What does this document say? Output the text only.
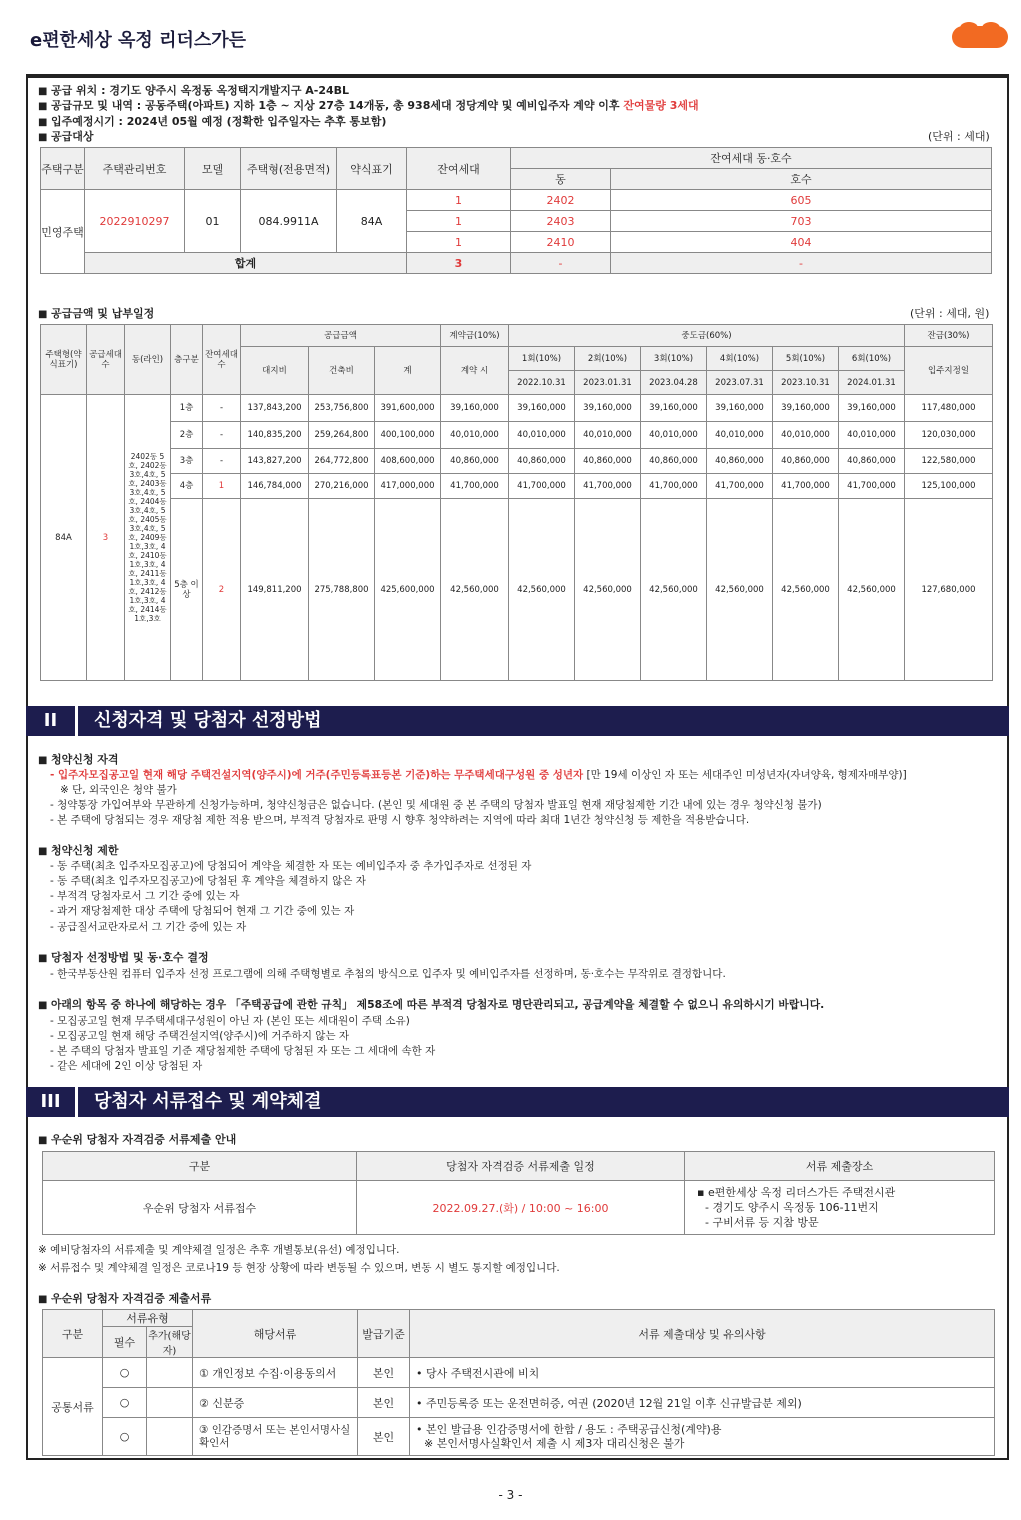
e편한세상 옥정 리더스가든
■ 공급 위치 : 경기도 양주시 옥정동 옥정택지개발지구 A-24BL
■ 공급규모 및 내역 : 공동주택(아파트) 지하 1층 ~ 지상 27층 14개동, 총 938세대 정당계약 및 예비입주자 계약 이후 잔여물량 3세대
■ 입주예정시기 : 2024년 05월 예정 (정확한 입주일자는 추후 통보함)
■ 공급대상	(단위 : 세대)
주택구분	주택관리번호	모델	주택형(전용면적)	약식표기	잔여세대	잔여세대 동·호수	
						동	호수
민영주택	2022910297	01	084.9911A	84A	1	2402	605
					1	2403	703
					1	2410	404
	합계				3	-	-
■ 공급금액 및 납부일정	(단위 : 세대, 원)
주택형(약식표기)	공급세대수	동(라인)	층구분	잔여세대수	공급금액			계약금(10%)	중도금(60%)						잔금(30%)
					대지비	건축비	계	계약 시	1회(10%)	2회(10%)	3회(10%)	4회(10%)	5회(10%)	6회(10%)	입주지정일
									2022.10.31	2023.01.31	2023.04.28	2023.07.31	2023.10.31	2024.01.31	
84A	3	2402동 5호, 2402동 3호,4호, 5호, 2403동 3호,4호, 5호, 2404동 3호,4호, 5호, 2405동 3호,4호, 5호, 2409동 1호,3호, 4호, 2410동 1호,3호, 4호, 2411동 1호,3호, 4호, 2412동 1호,3호, 4호, 2414동 1호,3호	1층	-	137,843,200	253,756,800	391,600,000	39,160,000	39,160,000	39,160,000	39,160,000	39,160,000	39,160,000	39,160,000	117,480,000
			2층	-	140,835,200	259,264,800	400,100,000	40,010,000	40,010,000	40,010,000	40,010,000	40,010,000	40,010,000	40,010,000	120,030,000
			3층	-	143,827,200	264,772,800	408,600,000	40,860,000	40,860,000	40,860,000	40,860,000	40,860,000	40,860,000	40,860,000	122,580,000
			4층	1	146,784,000	270,216,000	417,000,000	41,700,000	41,700,000	41,700,000	41,700,000	41,700,000	41,700,000	41,700,000	125,100,000
			5층 이상	2	149,811,200	275,788,800	425,600,000	42,560,000	42,560,000	42,560,000	42,560,000	42,560,000	42,560,000	42,560,000	127,680,000
II 신청자격 및 당첨자 선정방법
■ 청약신청 자격
- 입주자모집공고일 현재 해당 주택건설지역(양주시)에 거주(주민등록표등본 기준)하는 무주택세대구성원 중 성년자 [만 19세 이상인 자 또는 세대주인 미성년자(자녀양육, 형제자매부양)]
※ 단, 외국인은 청약 불가
- 청약통장 가입여부와 무관하게 신청가능하며, 청약신청금은 없습니다. (본인 및 세대원 중 본 주택의 당첨자 발표일 현재 재당첨제한 기간 내에 있는 경우 청약신청 불가)
- 본 주택에 당첨되는 경우 재당첨 제한 적용 받으며, 부적격 당첨자로 판명 시 향후 청약하려는 지역에 따라 최대 1년간 청약신청 등 제한을 적용받습니다.
■ 청약신청 제한
- 동 주택(최초 입주자모집공고)에 당첨되어 계약을 체결한 자 또는 예비입주자 중 추가입주자로 선정된 자
- 동 주택(최초 입주자모집공고)에 당첨된 후 계약을 체결하지 않은 자
- 부적격 당첨자로서 그 기간 중에 있는 자
- 과거 재당첨제한 대상 주택에 당첨되어 현재 그 기간 중에 있는 자
- 공급질서교란자로서 그 기간 중에 있는 자
■ 당첨자 선정방법 및 동·호수 결정
- 한국부동산원 컴퓨터 입주자 선정 프로그램에 의해 주택형별로 추첨의 방식으로 입주자 및 예비입주자를 선정하며, 동·호수는 무작위로 결정합니다.
■ 아래의 항목 중 하나에 해당하는 경우 「주택공급에 관한 규칙」 제58조에 따른 부적격 당첨자로 명단관리되고, 공급계약을 체결할 수 없으니 유의하시기 바랍니다.
- 모집공고일 현재 무주택세대구성원이 아닌 자 (본인 또는 세대원이 주택 소유)
- 모집공고일 현재 해당 주택건설지역(양주시)에 거주하지 않는 자
- 본 주택의 당첨자 발표일 기준 재당첨제한 주택에 당첨된 자 또는 그 세대에 속한 자
- 같은 세대에 2인 이상 당첨된 자
III 당첨자 서류접수 및 계약체결
■ 우순위 당첨자 자격검증 서류제출 안내
구분	당첨자 자격검증 서류제출 일정	서류 제출장소
우순위 당첨자 서류접수	2022.09.27.(화) / 10:00 ~ 16:00	▪ e편한세상 옥정 리더스가든 주택전시관
- 경기도 양주시 옥정동 106-11번지
- 구비서류 등 지참 방문
※ 예비당첨자의 서류제출 및 계약체결 일정은 추후 개별통보(유선) 예정입니다.
※ 서류접수 및 계약체결 일정은 코로나19 등 현장 상황에 따라 변동될 수 있으며, 변동 시 별도 통지할 예정입니다.
■ 우순위 당첨자 자격검증 제출서류
구분	서류유형		해당서류	발급기준	서류 제출대상 및 유의사항
	필수	추가(해당자)			
공통서류	○		① 개인정보 수집·이용동의서	본인	• 당사 주택전시관에 비치
	○		② 신분증	본인	• 주민등록증 또는 운전면허증, 여권 (2020년 12월 21일 이후 신규발급분 제외)
	○		③ 인감증명서 또는 본인서명사실확인서	본인	• 본인 발급용 인감증명서에 한함 / 용도 : 주택공급신청(계약)용
※ 본인서명사실확인서 제출 시 제3자 대리신청은 불가
- 3 -
